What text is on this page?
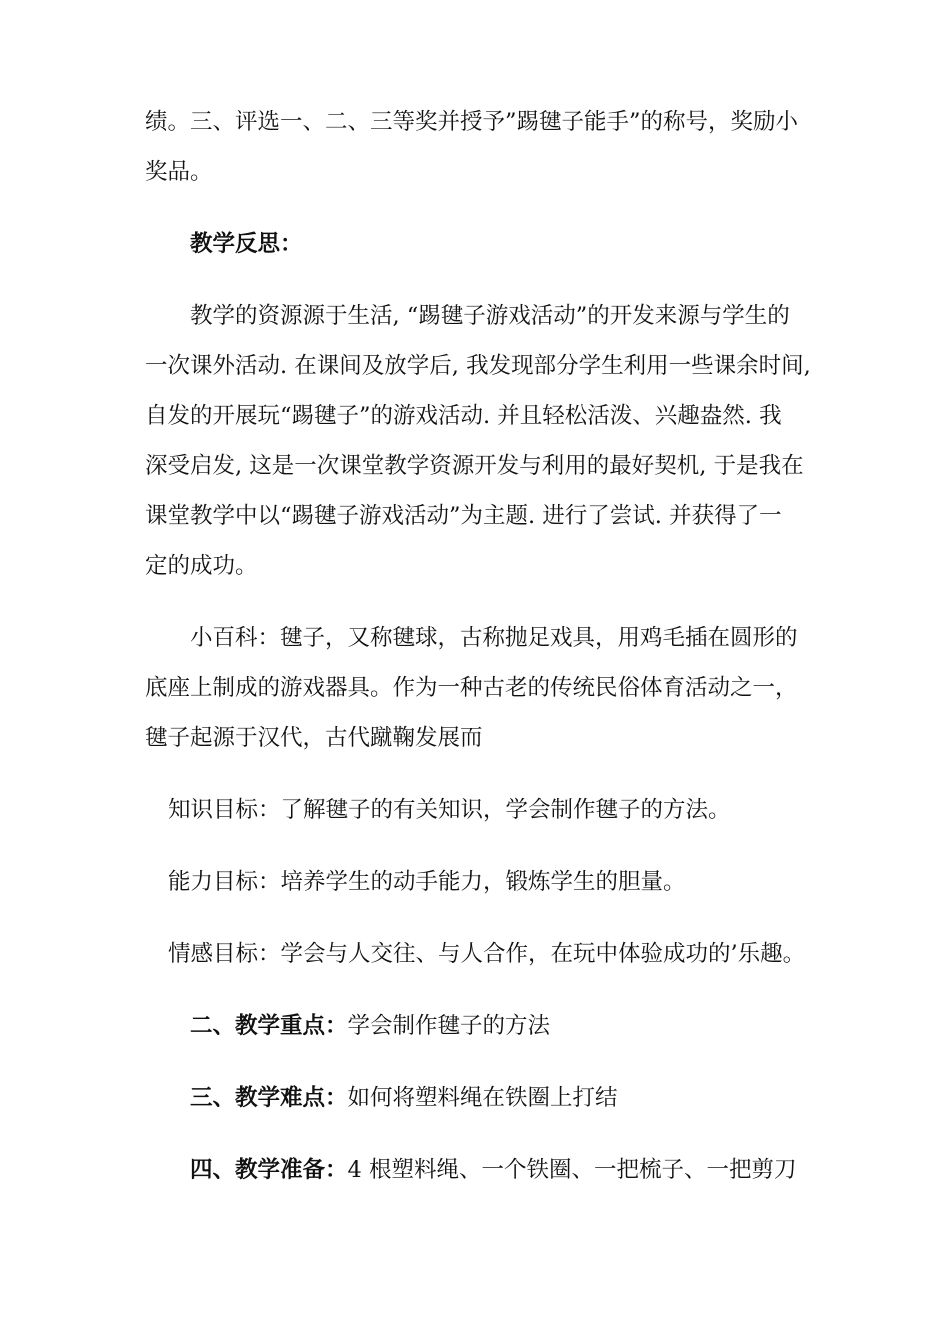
绩。三、评选一、二、三等奖并授予”踢毽子能手”的称号，奖励小

奖品。

教学反思：

教学的资源源于生活, “踢毽子游戏活动”的开发来源与学生的

一次课外活动. 在课间及放学后, 我发现部分学生利用一些课余时间,

自发的开展玩“踢毽子”的游戏活动. 并且轻松活泼、兴趣盎然. 我

深受启发, 这是一次课堂教学资源开发与利用的最好契机, 于是我在

课堂教学中以“踢毽子游戏活动”为主题. 进行了尝试. 并获得了一

定的成功。

小百科：毽子，又称毽球，古称抛足戏具，用鸡毛插在圆形的

底座上制成的游戏器具。作为一种古老的传统民俗体育活动之一，

毽子起源于汉代，古代蹴鞠发展而

知识目标：了解毽子的有关知识，学会制作毽子的方法。

能力目标：培养学生的动手能力，锻炼学生的胆量。

情感目标：学会与人交往、与人合作，在玩中体验成功的’乐趣。

二、教学重点：学会制作毽子的方法

三、教学难点：如何将塑料绳在铁圈上打结

四、教学准备：4 根塑料绳、一个铁圈、一把梳子、一把剪刀
